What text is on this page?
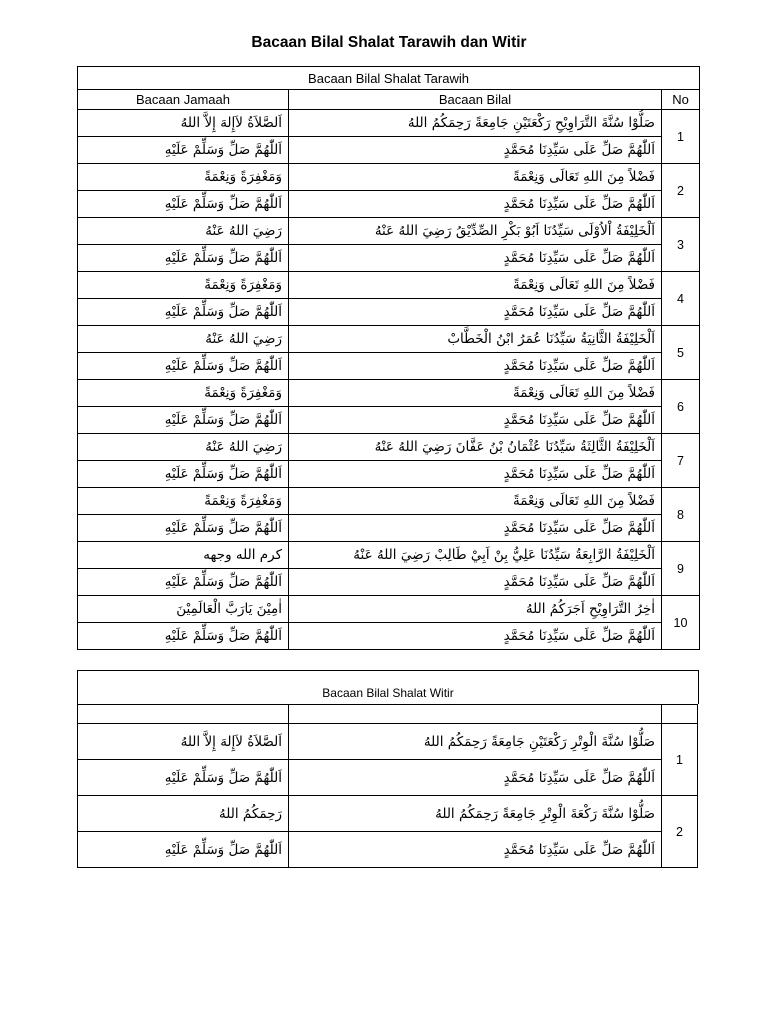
Bacaan Bilal Shalat Tarawih dan Witir
Bacaan Bilal Shalat Tarawih		
Bacaan Jamaah	Bacaan Bilal	No
اَلصَّلاَةُ لاَإِلهَ إِلاَّ اللهُ	صَلُّوْا سُنَّةَ التَّرَاوِيْحِ رَكْعَتَيْنِ جَامِعَةً رَحِمَكُمُ اللهُ	1
اَللّٰهُمَّ صَلِّ وَسَلِّمْ عَلَيْهِ	اَللّٰهُمَّ صَلِّ عَلَى سَيِّدِنَا مُحَمَّدٍ	
وَمَغْفِرَةً وَنِعْمَةً	فَضْلاً مِنَ اللهِ تَعَالَى وَنِعْمَةً	2
اَللّٰهُمَّ صَلِّ وَسَلِّمْ عَلَيْهِ	اَللّٰهُمَّ صَلِّ عَلَى سَيِّدِنَا مُحَمَّدٍ	
رَضِيَ اللهُ عَنْهُ	اَلْخَلِيْفَةُ اْلاُوْلَى سَيِّدُنَا اَبُوْ بَكْرِ الصِّدِّيْقُ رَضِيَ اللهُ عَنْهُ	3
اَللّٰهُمَّ صَلِّ وَسَلِّمْ عَلَيْهِ	اَللّٰهُمَّ صَلِّ عَلَى سَيِّدِنَا مُحَمَّدٍ	
وَمَغْفِرَةً وَنِعْمَةً	فَضْلاً مِنَ اللهِ تَعَالَى وَنِعْمَةً	4
اَللّٰهُمَّ صَلِّ وَسَلِّمْ عَلَيْهِ	اَللّٰهُمَّ صَلِّ عَلَى سَيِّدِنَا مُحَمَّدٍ	
رَضِيَ اللهُ عَنْهُ	اَلْخَلِيْفَةُ الثَّانِيَةُ سَيِّدُنَا عُمَرُ ابْنُ الْخَطَّابْ	5
اَللّٰهُمَّ صَلِّ وَسَلِّمْ عَلَيْهِ	اَللّٰهُمَّ صَلِّ عَلَى سَيِّدِنَا مُحَمَّدٍ	
وَمَغْفِرَةً وَنِعْمَةً	فَضْلاً مِنَ اللهِ تَعَالَى وَنِعْمَةً	6
اَللّٰهُمَّ صَلِّ وَسَلِّمْ عَلَيْهِ	اَللّٰهُمَّ صَلِّ عَلَى سَيِّدِنَا مُحَمَّدٍ	
رَضِيَ اللهُ عَنْهُ	اَلْخَلِيْفَةُ الثَّالِثَةُ سَيِّدُنَا عُثْمَانُ بْنُ عَفَّانَ رَضِيَ اللهُ عَنْهُ	7
اَللّٰهُمَّ صَلِّ وَسَلِّمْ عَلَيْهِ	اَللّٰهُمَّ صَلِّ عَلَى سَيِّدِنَا مُحَمَّدٍ	
وَمَغْفِرَةً وَنِعْمَةً	فَضْلاً مِنَ اللهِ تَعَالَى وَنِعْمَةً	8
اَللّٰهُمَّ صَلِّ وَسَلِّمْ عَلَيْهِ	اَللّٰهُمَّ صَلِّ عَلَى سَيِّدِنَا مُحَمَّدٍ	
كرم الله وجهه	اَلْخَلِيْفَةُ الرَّابِعَةُ سَيِّدُنَا عَلِيُّ بِنْ اَبِيْ طَالِبْ رَضِيَ اللهُ عَنْهُ	9
اَللّٰهُمَّ صَلِّ وَسَلِّمْ عَلَيْهِ	اَللّٰهُمَّ صَلِّ عَلَى سَيِّدِنَا مُحَمَّدٍ	
اٰمِيْنَ يَارَبَّ الْعَالَمِيْنَ	اٰخِرُ التَّرَاوِيْحِ اَجَرَكُمُ اللهُ	10
اَللّٰهُمَّ صَلِّ وَسَلِّمْ عَلَيْهِ	اَللّٰهُمَّ صَلِّ عَلَى سَيِّدِنَا مُحَمَّدٍ	
Bacaan Bilal Shalat Witir

اَلصَّلاَةُ لاَإِلهَ إِلاَّ اللهُ	صَلُّوْا سُنَّةَ الْوِتْرِ رَكْعَتَيْنِ جَامِعَةً رَحِمَكُمُ اللهُ	1
اَللّٰهُمَّ صَلِّ وَسَلِّمْ عَلَيْهِ	اَللّٰهُمَّ صَلِّ عَلَى سَيِّدِنَا مُحَمَّدٍ	
رَحِمَكُمُ اللهُ	صَلُّوْا سُنَّةَ رَكْعَةَ الْوِتْرِ جَامِعَةً رَحِمَكُمُ اللهُ	2
اَللّٰهُمَّ صَلِّ وَسَلِّمْ عَلَيْهِ	اَللّٰهُمَّ صَلِّ عَلَى سَيِّدِنَا مُحَمَّدٍ	
